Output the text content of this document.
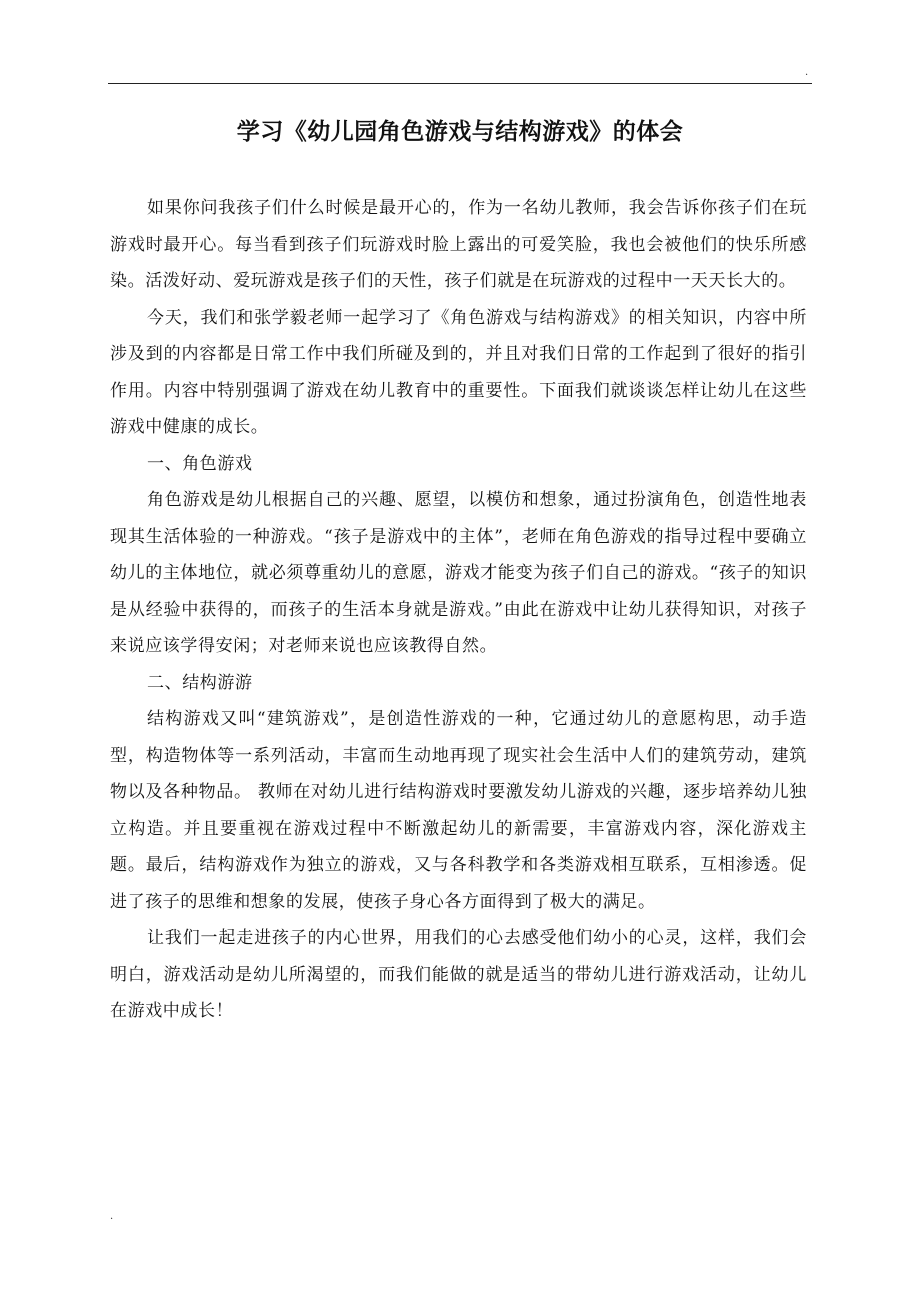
.
学习《幼儿园角色游戏与结构游戏》的体会

如果你问我孩子们什么时候是最开心的，作为一名幼儿教师，我会告诉你孩子们在玩游戏时最开心。每当看到孩子们玩游戏时脸上露出的可爱笑脸，我也会被他们的快乐所感染。活泼好动、爱玩游戏是孩子们的天性，孩子们就是在玩游戏的过程中一天天长大的。

今天，我们和张学毅老师一起学习了《角色游戏与结构游戏》的相关知识，内容中所涉及到的内容都是日常工作中我们所碰及到的，并且对我们日常的工作起到了很好的指引作用。内容中特别强调了游戏在幼儿教育中的重要性。下面我们就谈谈怎样让幼儿在这些游戏中健康的成长。

一、角色游戏

角色游戏是幼儿根据自己的兴趣、愿望，以模仿和想象，通过扮演角色，创造性地表现其生活体验的一种游戏。“孩子是游戏中的主体”，老师在角色游戏的指导过程中要确立幼儿的主体地位，就必须尊重幼儿的意愿，游戏才能变为孩子们自己的游戏。“孩子的知识是从经验中获得的，而孩子的生活本身就是游戏。”由此在游戏中让幼儿获得知识，对孩子来说应该学得安闲；对老师来说也应该教得自然。

二、结构游游

结构游戏又叫“建筑游戏”，是创造性游戏的一种，它通过幼儿的意愿构思，动手造型，构造物体等一系列活动，丰富而生动地再现了现实社会生活中人们的建筑劳动，建筑物以及各种物品。 教师在对幼儿进行结构游戏时要激发幼儿游戏的兴趣，逐步培养幼儿独立构造。并且要重视在游戏过程中不断激起幼儿的新需要，丰富游戏内容，深化游戏主题。最后，结构游戏作为独立的游戏，又与各科教学和各类游戏相互联系，互相渗透。促进了孩子的思维和想象的发展，使孩子身心各方面得到了极大的满足。

让我们一起走进孩子的内心世界，用我们的心去感受他们幼小的心灵，这样，我们会明白，游戏活动是幼儿所渴望的，而我们能做的就是适当的带幼儿进行游戏活动，让幼儿在游戏中成长！

.
